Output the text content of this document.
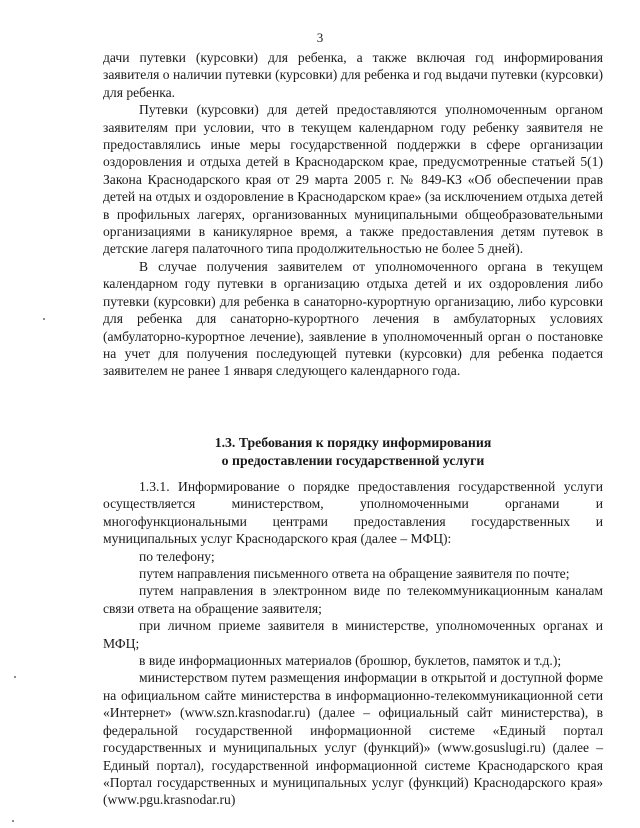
3

дачи путевки (курсовки) для ребенка, а также включая год информирования заявителя о наличии путевки (курсовки) для ребенка и год выдачи путевки (курсовки) для ребенка.

Путевки (курсовки) для детей предоставляются уполномоченным органом заявителям при условии, что в текущем календарном году ребенку заявителя не предоставлялись иные меры государственной поддержки в сфере организации оздоровления и отдыха детей в Краснодарском крае, предусмотренные статьей 5(1) Закона Краснодарского края от 29 марта 2005 г. № 849-КЗ «Об обеспечении прав детей на отдых и оздоровление в Краснодарском крае» (за исключением отдыха детей в профильных лагерях, организованных муниципальными общеобразовательными организациями в каникулярное время, а также предоставления детям путевок в детские лагеря палаточного типа продолжительностью не более 5 дней).

В случае получения заявителем от уполномоченного органа в текущем календарном году путевки в организацию отдыха детей и их оздоровления либо путевки (курсовки) для ребенка в санаторно-курортную организацию, либо курсовки для ребенка для санаторно-курортного лечения в амбулаторных условиях (амбулаторно-курортное лечение), заявление в уполномоченный орган о постановке на учет для получения последующей путевки (курсовки) для ребенка подается заявителем не ранее 1 января следующего календарного года.

1.3. Требования к порядку информирования
о предоставлении государственной услуги

1.3.1. Информирование о порядке предоставления государственной услуги осуществляется министерством, уполномоченными органами и многофункциональными центрами предоставления государственных и муниципальных услуг Краснодарского края (далее – МФЦ):

по телефону;

путем направления письменного ответа на обращение заявителя по почте;

путем направления в электронном виде по телекоммуникационным каналам связи ответа на обращение заявителя;

при личном приеме заявителя в министерстве, уполномоченных органах и МФЦ;

в виде информационных материалов (брошюр, буклетов, памяток и т.д.);

министерством путем размещения информации в открытой и доступной форме на официальном сайте министерства в информационно-телекоммуникационной сети «Интернет» (www.szn.krasnodar.ru) (далее – официальный сайт министерства), в федеральной государственной информационной системе «Единый портал государственных и муниципальных услуг (функций)» (www.gosuslugi.ru) (далее – Единый портал), государственной информационной системе Краснодарского края «Портал государственных и муниципальных услуг (функций) Краснодарского края» (www.pgu.krasnodar.ru)
